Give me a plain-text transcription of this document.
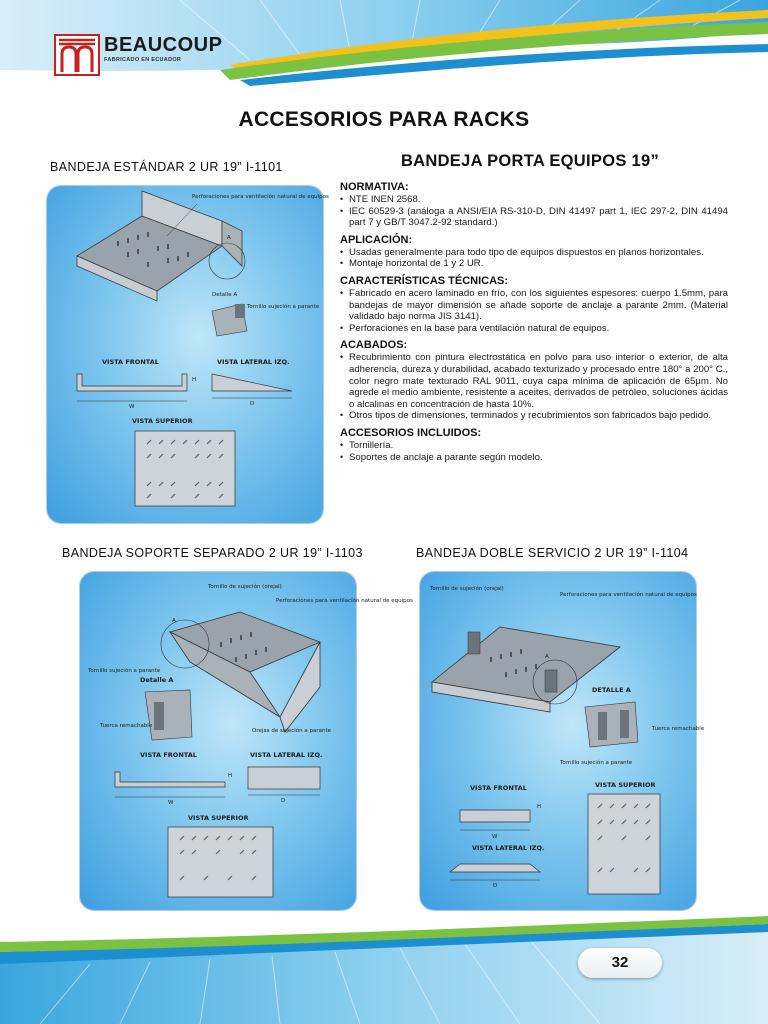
BEAUCOUP
FABRICADO EN ECUADOR
ACCESORIOS PARA RACKS
BANDEJA ESTÁNDAR 2 UR 19” I-1101
BANDEJA SOPORTE SEPARADO 2 UR 19” I-1103	BANDEJA DOBLE SERVICIO 2 UR 19” I-1104
A
Perforaciones para ventilación natural de equipos
Detalle A
Tornillo sujeción a parante
VISTA FRONTAL	VISTA LATERAL IZQ.
W
H
D
VISTA SUPERIOR
BANDEJA PORTA EQUIPOS 19”
NORMATIVA:
• NTE INEN 2568.
• IEC 60529-3 (análoga a ANSI/EIA RS-310-D, DIN 41497 part 1, IEC 297-2, DIN 41494 part 7 y GB/T 3047.2-92 standard.)
APLICACIÓN:
• Usadas generalmente para todo tipo de equipos dispuestos en planos horizontales.
• Montaje horizontal de 1 y 2 UR.
CARACTERÍSTICAS TÉCNICAS:
• Fabricado en acero laminado en frío, con los siguientes espesores: cuerpo 1.5mm, para bandejas de mayor dimensión se añade soporte de anclaje a parante 2mm. (Material validado bajo norma JIS 3141).
• Perforaciones en la base para ventilación natural de equipos.
ACABADOS:
• Recubrimiento con pintura electrostática en polvo para uso interior o exterior, de alta adherencia, dureza y durabilidad, acabado texturizado y procesado entre 180° a 200° C., color negro mate texturado RAL 9011, cuya capa mínima de aplicación de 65μm. No agrede el medio ambiente, resistente a aceites, derivados de petróleo, soluciones ácidas o alcalinas en concentración de hasta 10%.
• Otros tipos de dimensiones, terminados y recubrimientos son fabricados bajo pedido.
ACCESORIOS INCLUIDOS:
• Tornillería.
• Soportes de anclaje a parante según modelo.
Tornillo de sujeción (orejal)
Perforaciones para ventilación natural de equipos
A
Tornillo sujeción a parante
Detalle A
Tuerca remachable
Orejas de sujeción a parante
VISTA FRONTAL	VISTA LATERAL IZQ.
W
H
D
VISTA SUPERIOR
Tornillo de sujeción (orejal)
Perforaciones para ventilación natural de equipos
A
DETALLE A
Tuerca remachable
Tornillo sujeción a parante
VISTA FRONTAL	VISTA SUPERIOR
W
H
VISTA LATERAL IZQ.
D
32
